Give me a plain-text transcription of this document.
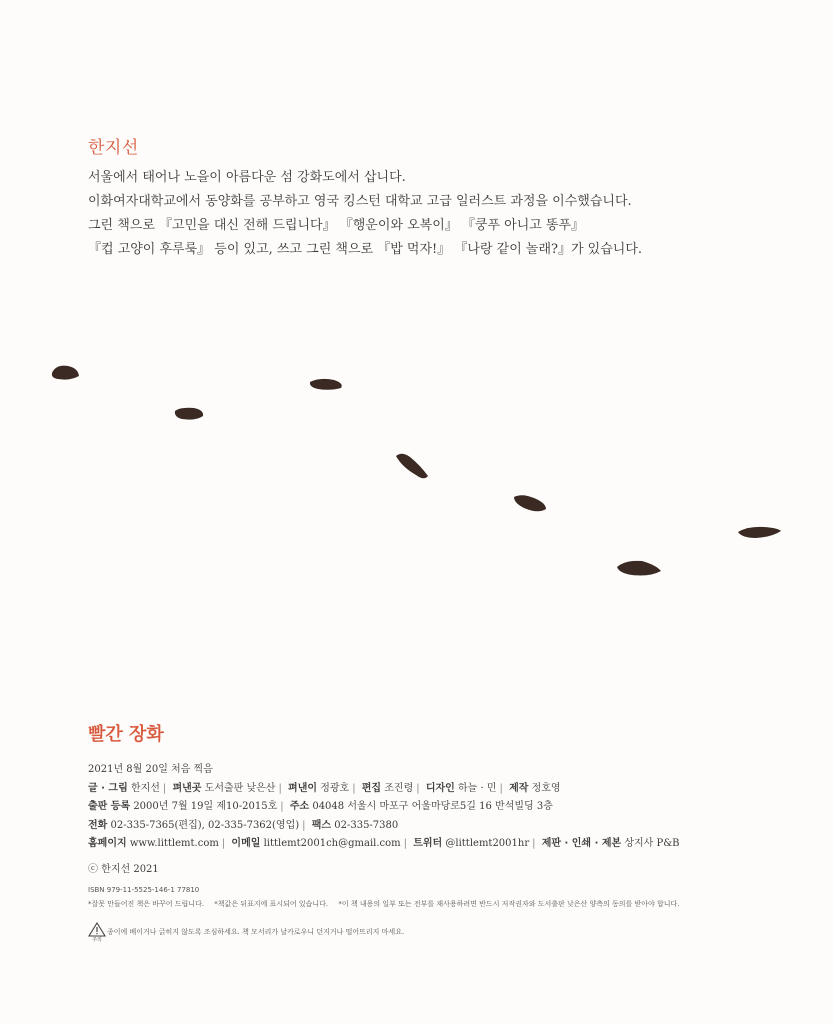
한지선
서울에서 태어나 노을이 아름다운 섬 강화도에서 삽니다.
이화여자대학교에서 동양화를 공부하고 영국 킹스턴 대학교 고급 일러스트 과정을 이수했습니다.
그린 책으로 『고민을 대신 전해 드립니다』 『행운이와 오복이』 『쿵푸 아니고 똥푸』
『컵 고양이 후루룩』 등이 있고, 쓰고 그린 책으로 『밥 먹자!』 『나랑 같이 놀래?』가 있습니다.
빨간 장화
2021년 8월 20일 처음 찍음
글 · 그림 한지선 | 펴낸곳 도서출판 낮은산 | 펴낸이 정광호 | 편집 조진령 | 디자인 하늘 · 민 | 제작 정호영
출판 등록 2000년 7월 19일 제10-2015호 | 주소 04048 서울시 마포구 어울마당로5길 16 반석빌딩 3층
전화 02-335-7365(편집), 02-335-7362(영업) | 팩스 02-335-7380
홈페이지 www.littlemt.com | 이메일 littlemt2001ch@gmail.com | 트위터 @littlemt2001hr | 제판 · 인쇄 · 제본 상지사 P&B
ⓒ 한지선 2021
ISBN 979-11-5525-146-1 77810
*잘못 만들어진 책은 바꾸어 드립니다. *책값은 뒤표지에 표시되어 있습니다. *이 책 내용의 일부 또는 전부를 재사용하려면 반드시 저작권자와 도서출판 낮은산 양측의 동의를 받아야 합니다.
주의
종이에 베이거나 긁히지 않도록 조심하세요. 책 모서리가 날카로우니 던지거나 떨어뜨리지 마세요.
